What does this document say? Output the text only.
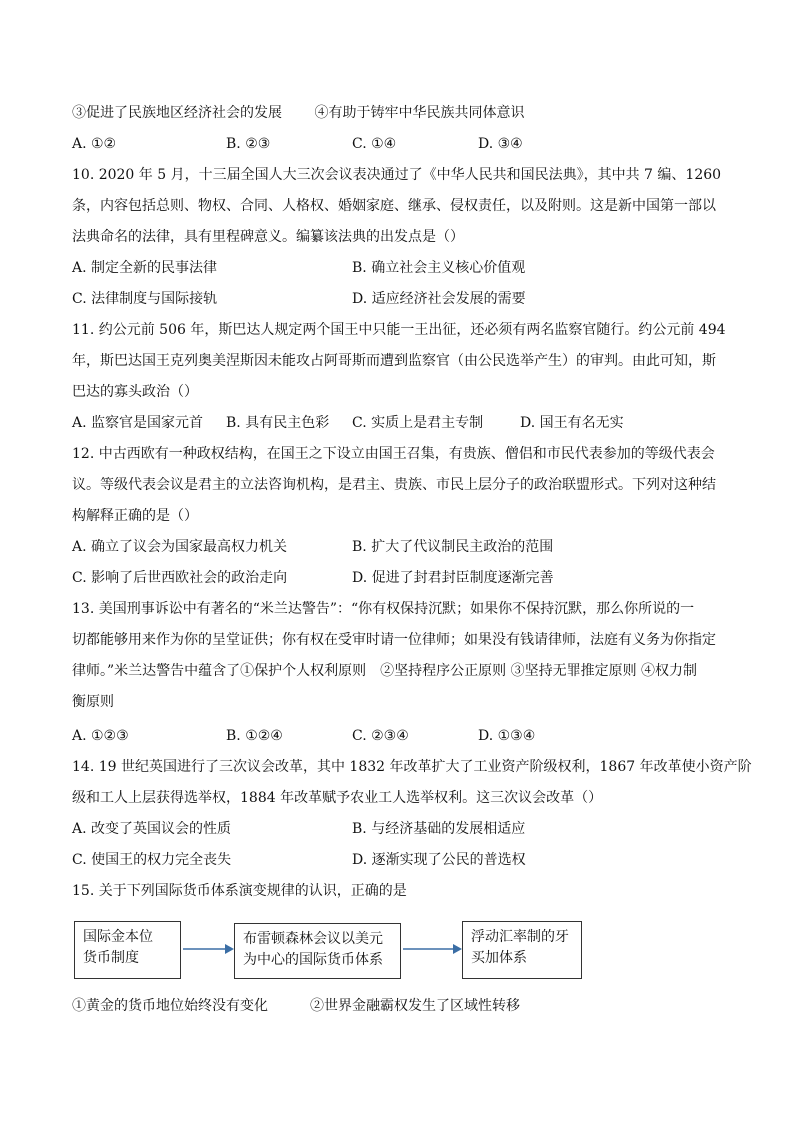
③促进了民族地区经济社会的发展　　 ④有助于铸牢中华民族共同体意识
A. ①②	B. ②③	C. ①④	D. ③④
10. 2020 年 5 月，十三届全国人大三次会议表决通过了《中华人民共和国民法典》，其中共 7 编、1260
条，内容包括总则、物权、合同、人格权、婚姻家庭、继承、侵权责任，以及附则。这是新中国第一部以
法典命名的法律，具有里程碑意义。编纂该法典的出发点是（）
A. 制定全新的民事法律	B. 确立社会主义核心价值观
C. 法律制度与国际接轨	D. 适应经济社会发展的需要
11. 约公元前 506 年，斯巴达人规定两个国王中只能一王出征，还必须有两名监察官随行。约公元前 494
年，斯巴达国王克列奥美涅斯因未能攻占阿哥斯而遭到监察官（由公民选举产生）的审判。由此可知，斯
巴达的寡头政治（）
A. 监察官是国家元首 B. 具有民主色彩 C. 实质上是君主专制	D. 国王有名无实
12. 中古西欧有一种政权结构，在国王之下设立由国王召集，有贵族、僧侣和市民代表参加的等级代表会
议。等级代表会议是君主的立法咨询机构，是君主、贵族、市民上层分子的政治联盟形式。下列对这种结
构解释正确的是（）
A. 确立了议会为国家最高权力机关	B. 扩大了代议制民主政治的范围
C. 影响了后世西欧社会的政治走向	D. 促进了封君封臣制度逐渐完善
13. 美国刑事诉讼中有著名的“米兰达警告”：“你有权保持沉默；如果你不保持沉默，那么你所说的一
切都能够用来作为你的呈堂证供；你有权在受审时请一位律师；如果没有钱请律师，法庭有义务为你指定
律师。”米兰达警告中蕴含了①保护个人权利原则　②坚持程序公正原则 ③坚持无罪推定原则 ④权力制
衡原则
A. ①②③	B. ①②④	C. ②③④	D. ①③④
14. 19 世纪英国进行了三次议会改革，其中 1832 年改革扩大了工业资产阶级权利，1867 年改革使小资产阶
级和工人上层获得选举权，1884 年改革赋予农业工人选举权利。这三次议会改革（）
A. 改变了英国议会的性质	B. 与经济基础的发展相适应
C. 使国王的权力完全丧失	D. 逐渐实现了公民的普选权
15. 关于下列国际货币体系演变规律的认识，正确的是
国际金本位
货币制度
布雷顿森林会议以美元
为中心的国际货币体系
浮动汇率制的牙
买加体系
①黄金的货币地位始终没有变化　　　②世界金融霸权发生了区域性转移
